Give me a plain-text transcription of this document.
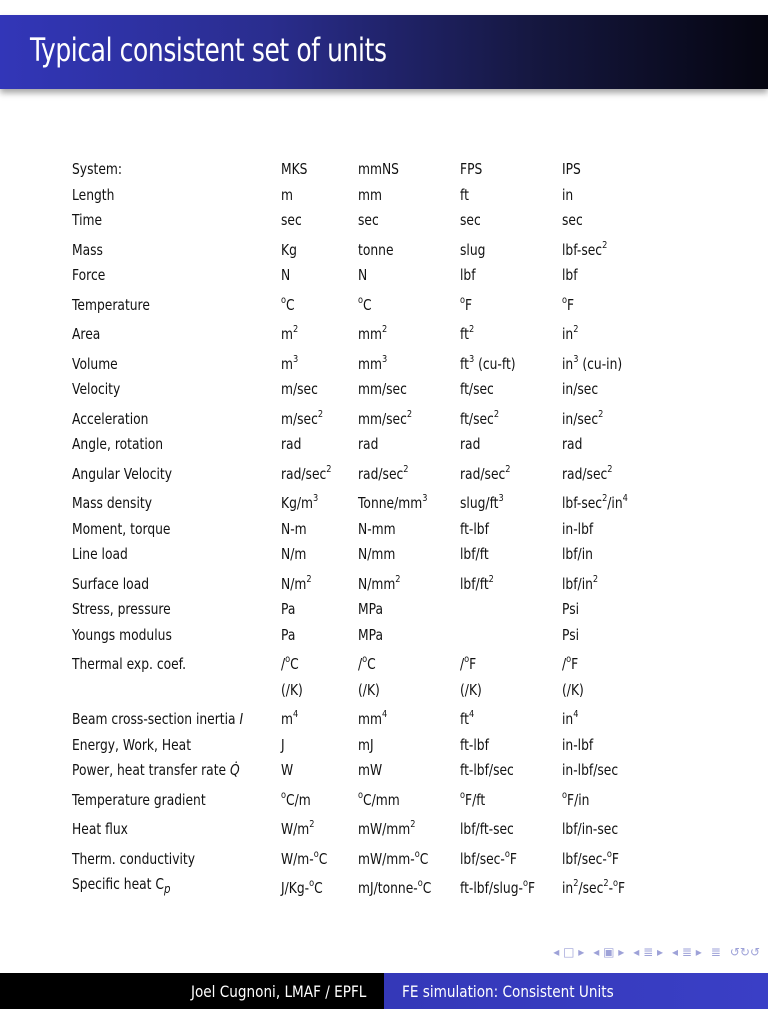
Typical consistent set of units
System:	MKS	mmNS	FPS	IPS
Length	m	mm	ft	in
Time	sec	sec	sec	sec
Mass	Kg	tonne	slug	lbf-$\sec^2$
Force	N	N	lbf	lbf
Temperature	$^o$C	$^o$C	$^o$F	$^o$F
Area	$m^2$	$mm^2$	$ft^2$	$in^2$
Volume	$m^3$	$mm^3$	$ft^3$ (cu-ft)	$in^3$ (cu-in)
Velocity	m/sec	mm/sec	ft/sec	in/sec
Acceleration	$m/\sec^2$	$mm/\sec^2$	$ft/\sec^2$	$in/\sec^2$
Angle, rotation	rad	rad	rad	rad
Angular Velocity	rad/$\sec^2$	rad/$\sec^2$	rad/$\sec^2$	rad/$\sec^2$
Mass density	$Kg/m^3$	Tonne/$mm^3$	slug/$ft^3$	lbf-$\sec^2/in^4$
Moment, torque	N-m	N-mm	ft-lbf	in-lbf
Line load	N/m	N/mm	lbf/ft	lbf/in
Surface load	$N/m^2$	$N/mm^2$	lbf/$ft^2$	lbf/$in^2$
Stress, pressure	Pa	MPa		Psi
Youngs modulus	Pa	MPa		Psi
Thermal exp. coef.	/$^o$C	/$^o$C	/$^o$F	/$^o$F
	(/K)	(/K)	(/K)	(/K)
Beam cross-section inertia I	$m^4$	$mm^4$	$ft^4$	$in^4$
Energy, Work, Heat	J	mJ	ft-lbf	in-lbf
Power, heat transfer rate Q̇	W	mW	ft-lbf/sec	in-lbf/sec
Temperature gradient	$^o$C/m	$^o$C/mm	$^o$F/ft	$^o$F/in
Heat flux	$W/m^2$	$mW/mm^2$	lbf/ft-sec	lbf/in-sec
Therm. conductivity	W/m-$^o$C	mW/mm-$^o$C	lbf/sec-$^o$F	lbf/sec-$^o$F
Specific heat $C_p$	J/Kg-$^o$C	mJ/tonne-$^o$C	ft-lbf/slug-$^o$F	$in^2/\sec^2-^oF$
◂ □ ▸ ◂ ▣ ▸ ◂ ≣ ▸ ◂ ≣ ▸ ≣ ↺↻↺
Joel Cugnoni, LMAF / EPFL FE simulation: Consistent Units
